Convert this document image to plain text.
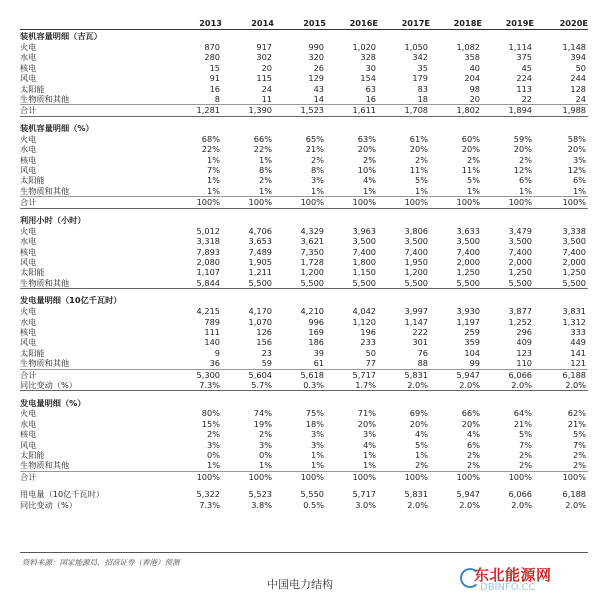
	2013	2014	2015	2016E	2017E	2018E	2019E	2020E
装机容量明细（吉瓦）								
火电	870	917	990	1,020	1,050	1,082	1,114	1,148
水电	280	302	320	328	342	358	375	394
核电	15	20	26	30	35	40	45	50
风电	91	115	129	154	179	204	224	244
太阳能	16	24	43	63	83	98	113	128
生物质和其他	8	11	14	16	18	20	22	24
合计	1,281	1,390	1,523	1,611	1,708	1,802	1,894	1,988
装机容量明细（%）								
火电	68%	66%	65%	63%	61%	60%	59%	58%
水电	22%	22%	21%	20%	20%	20%	20%	20%
核电	1%	1%	2%	2%	2%	2%	2%	3%
风电	7%	8%	8%	10%	11%	11%	12%	12%
太阳能	1%	2%	3%	4%	5%	5%	6%	6%
生物质和其他	1%	1%	1%	1%	1%	1%	1%	1%
合计	100%	100%	100%	100%	100%	100%	100%	100%
利用小时（小时）								
火电	5,012	4,706	4,329	3,963	3,806	3,633	3,479	3,338
水电	3,318	3,653	3,621	3,500	3,500	3,500	3,500	3,500
核电	7,893	7,489	7,350	7,400	7,400	7,400	7,400	7,400
风电	2,080	1,905	1,728	1,800	1,950	2,000	2,000	2,000
太阳能	1,107	1,211	1,200	1,150	1,200	1,250	1,250	1,250
生物质和其他	5,844	5,500	5,500	5,500	5,500	5,500	5,500	5,500
发电量明细（10亿千瓦时）								
火电	4,215	4,170	4,210	4,042	3,997	3,930	3,877	3,831
水电	789	1,070	996	1,120	1,147	1,197	1,252	1,312
核电	111	126	169	196	222	259	296	333
风电	140	156	186	233	301	359	409	449
太阳能	9	23	39	50	76	104	123	141
生物质和其他	36	59	61	77	88	99	110	121
合计	5,300	5,604	5,618	5,717	5,831	5,947	6,066	6,188
同比变动（%）	7.3%	5.7%	0.3%	1.7%	2.0%	2.0%	2.0%	2.0%
发电量明细（%）								
火电	80%	74%	75%	71%	69%	66%	64%	62%
水电	15%	19%	18%	20%	20%	20%	21%	21%
核电	2%	2%	3%	3%	4%	4%	5%	5%
风电	3%	3%	3%	4%	5%	6%	7%	7%
太阳能	0%	0%	1%	1%	1%	2%	2%	2%
生物质和其他	1%	1%	1%	1%	2%	2%	2%	2%
合计	100%	100%	100%	100%	100%	100%	100%	100%

用电量（10亿千瓦时）	5,322	5,523	5,550	5,717	5,831	5,947	6,066	6,188
同比变动（%）	7.3%	3.8%	0.5%	3.0%	2.0%	2.0%	2.0%	2.0%
资料来源：国家能源局、招商证券（香港）预测
中国电力结构
东北能源网
DBINFO.CC
